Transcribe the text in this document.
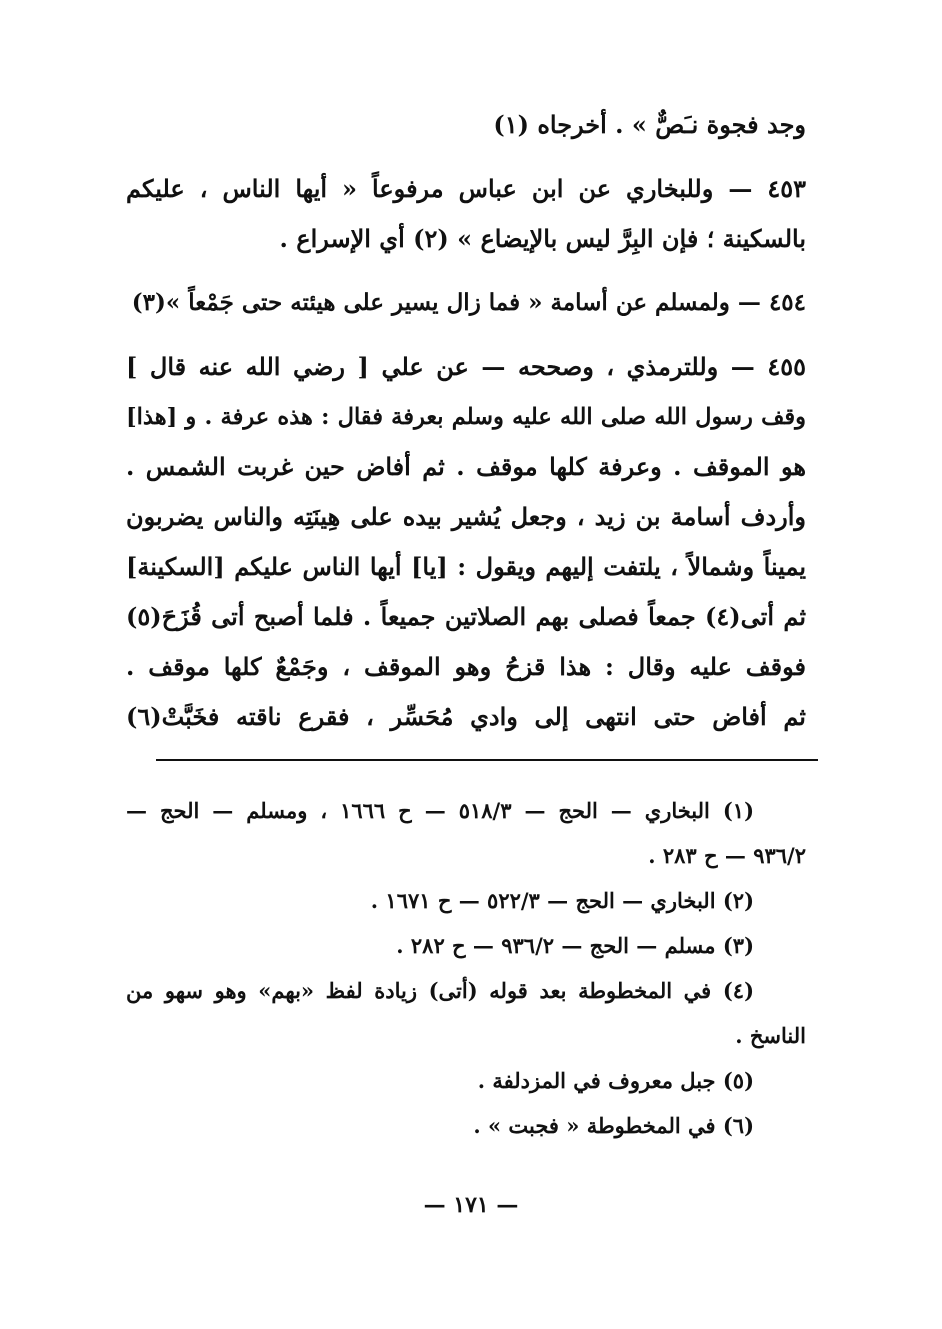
وجد فجوة نـَصٌّ » . أخرجاه (١)
٤٥٣ — وللبخاري عن ابن عباس مرفوعاً « أيها الناس ، عليكم
بالسكينة ؛ فإن البِرَّ ليس بالإيضاع » (٢) أي الإسراع .
٤٥٤ — ولمسلم عن أسامة « فما زال يسير على هيئته حتى جَمْعاً »(٣)
٤٥٥ — وللترمذي ، وصححه — عن علي [ رضي الله عنه قال ]
وقف رسول الله صلى الله عليه وسلم بعرفة فقال : هذه عرفة . و [هذا]
هو الموقف . وعرفة كلها موقف . ثم أفاض حين غربت الشمس .
وأردف أسامة بن زيد ، وجعل يُشير بيده على هِينَتِه والناس يضربون
يميناً وشمالاً ، يلتفت إليهم ويقول : [يا] أيها الناس عليكم [السكينة]
ثم أتى(٤) جمعاً فصلى بهم الصلاتين جميعاً . فلما أصبح أتى قُزَحَ(٥)
فوقف عليه وقال : هذا قزحُ وهو الموقف ، وجَمْعٌ كلها موقف .
ثم أفاض حتى انتهى إلى وادي مُحَسِّر ، فقرع ناقته فخَبَّتْ(٦)
(١) البخاري — الحج — ٥١٨/٣ — ح ١٦٦٦ ، ومسلم — الحج —
٩٣٦/٢ — ح ٢٨٣ .
(٢) البخاري — الحج — ٥٢٢/٣ — ح ١٦٧١ .
(٣) مسلم — الحج — ٩٣٦/٢ — ح ٢٨٢ .
(٤) في المخطوطة بعد قوله (أتى) زيادة لفظ «بهم» وهو سهو من
الناسخ .
(٥) جبل معروف في المزدلفة .
(٦) في المخطوطة « فجبت » .
— ١٧١ —
